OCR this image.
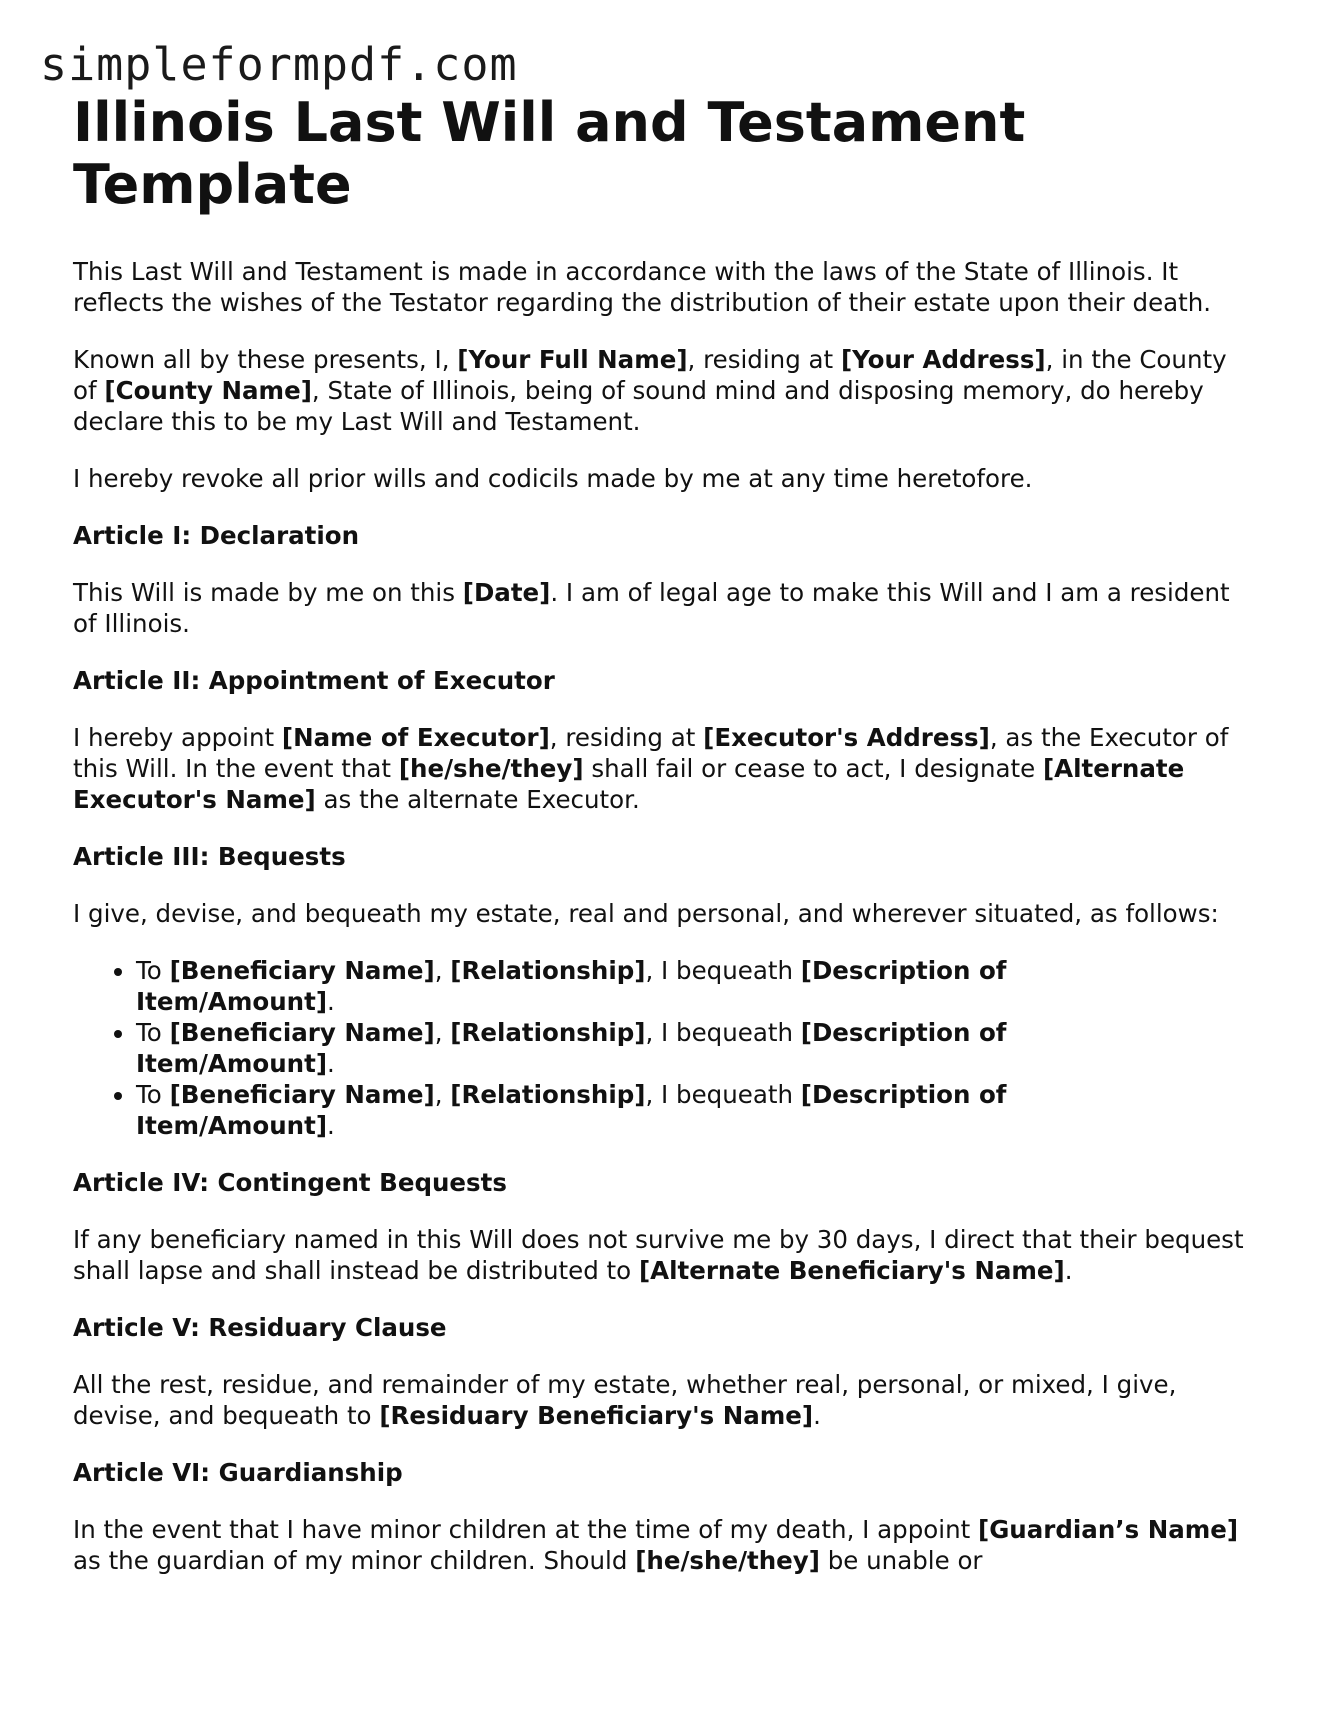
simpleformpdf.com
Illinois Last Will and Testament Template

This Last Will and Testament is made in accordance with the laws of the State of Illinois. It reflects the wishes of the Testator regarding the distribution of their estate upon their death.

Known all by these presents, I, [Your Full Name], residing at [Your Address], in the County of [County Name], State of Illinois, being of sound mind and disposing memory, do hereby declare this to be my Last Will and Testament.

I hereby revoke all prior wills and codicils made by me at any time heretofore.

Article I: Declaration

This Will is made by me on this [Date]. I am of legal age to make this Will and I am a resident of Illinois.

Article II: Appointment of Executor

I hereby appoint [Name of Executor], residing at [Executor's Address], as the Executor of this Will. In the event that [he/she/they] shall fail or cease to act, I designate [Alternate Executor's Name] as the alternate Executor.

Article III: Bequests

I give, devise, and bequeath my estate, real and personal, and wherever situated, as follows:

• To [Beneficiary Name], [Relationship], I bequeath [Description of Item/Amount].
• To [Beneficiary Name], [Relationship], I bequeath [Description of Item/Amount].
• To [Beneficiary Name], [Relationship], I bequeath [Description of Item/Amount].
Article IV: Contingent Bequests

If any beneficiary named in this Will does not survive me by 30 days, I direct that their bequest shall lapse and shall instead be distributed to [Alternate Beneficiary's Name].

Article V: Residuary Clause

All the rest, residue, and remainder of my estate, whether real, personal, or mixed, I give, devise, and bequeath to [Residuary Beneficiary's Name].

Article VI: Guardianship

In the event that I have minor children at the time of my death, I appoint [Guardian’s Name] as the guardian of my minor children. Should [he/she/they] be unable or
